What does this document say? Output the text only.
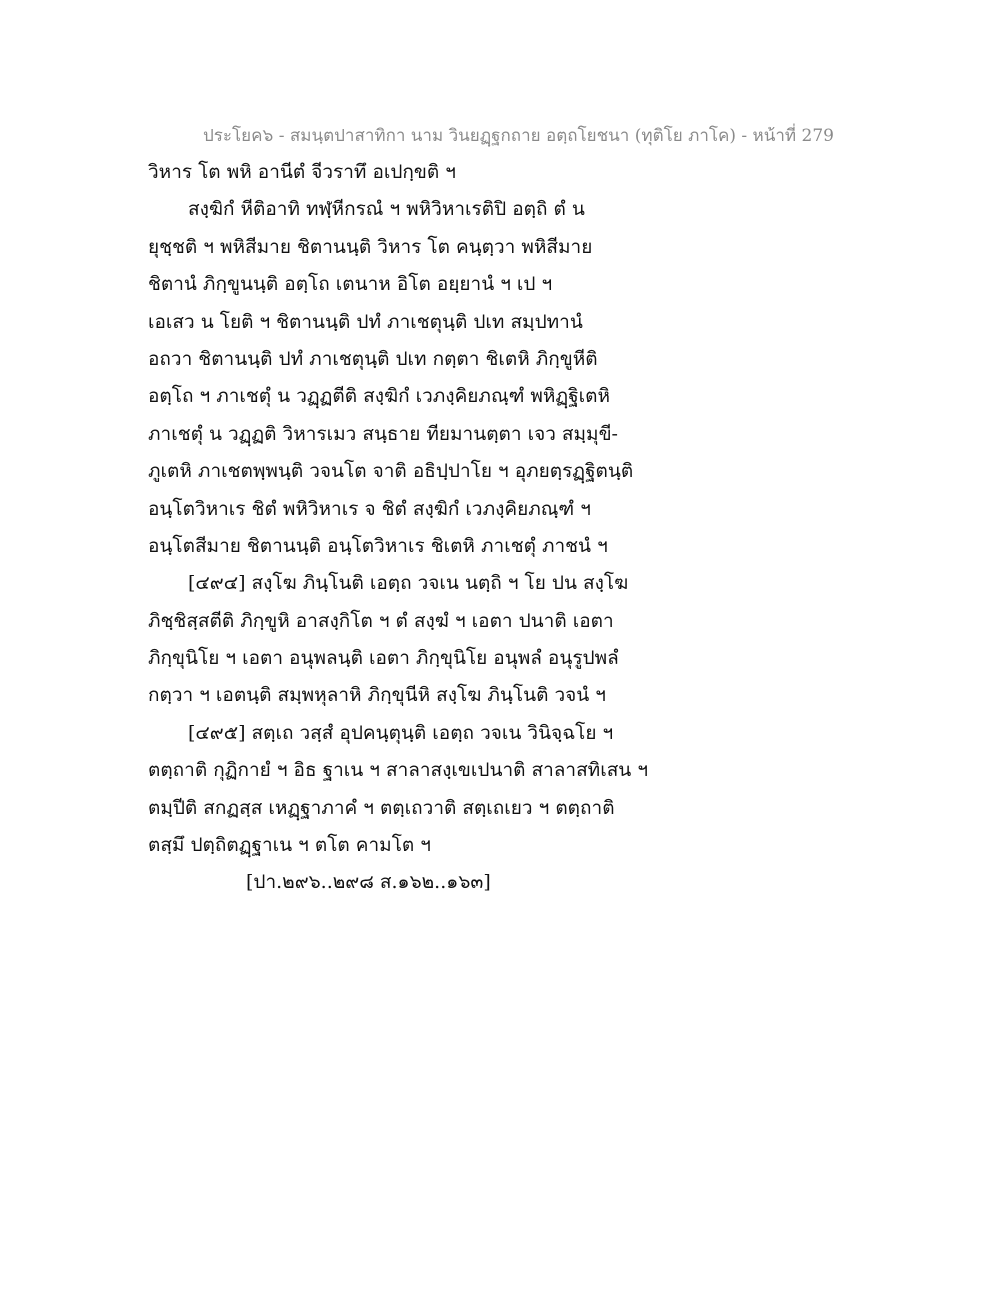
ประโยค๖ - สมนฺตปาสาทิกา นาม วินยฏฺฐกถาย อตฺถโยชนา (ทุติโย ภาโค) - หน้าที่ 279

วิหาร โต พหิ อานีตํ จีวราทึ อเปกฺขติ ฯ

สงฺฆิกํ หีติอาทิ ทฬฺหีกรณํ ฯ พหิวิหาเรติปิ อตฺถิ ตํ น

ยุชฺชติ ฯ พหิสีมาย ชิตานนฺติ วิหาร โต คนฺตฺวา พหิสีมาย

ชิตานํ ภิกฺขูนนฺติ อตฺโถ เตนาห อิโต อยฺยานํ ฯ เป ฯ

เอเสว น โยติ ฯ ชิตานนฺติ ปทํ ภาเชตุนฺติ ปเท สมฺปทานํ

อถวา ชิตานนฺติ ปทํ ภาเชตุนฺติ ปเท กตฺตา ชิเตหิ ภิกฺขูหีติ

อตฺโถ ฯ ภาเชตุํ น วฏฺฏตีติ สงฺฆิกํ เวภงฺคิยภณฺฑํ พหิฏฺฐิเตหิ

ภาเชตุํ น วฏฺฏติ วิหารเมว สนฺธาย ทียมานตฺตา เจว สมฺมุขี-

ภูเตหิ ภาเชตพฺพนฺติ วจนโต จาติ อธิปฺปาโย ฯ อุภยตฺรฏฺฐิตนฺติ

อนฺโตวิหาเร ชิตํ พหิวิหาเร จ ชิตํ สงฺฆิกํ เวภงฺคิยภณฺฑํ ฯ

อนฺโตสีมาย ชิตานนฺติ อนฺโตวิหาเร ชิเตหิ ภาเชตุํ ภาชนํ ฯ

[๔๙๔] สงฺโฆ ภินฺโนติ เอตฺถ วจเน นตฺถิ ฯ โย ปน สงฺโฆ

ภิชฺชิสฺสตีติ ภิกฺขูหิ อาสงฺกิโต ฯ ตํ สงฺฆํ ฯ เอตา ปนาติ เอตา

ภิกฺขุนิโย ฯ เอตา อนุพลนฺติ เอตา ภิกฺขุนิโย อนุพลํ อนุรูปพลํ

กตฺวา ฯ เอตนฺติ สมฺพหุลาหิ ภิกฺขุนีหิ สงฺโฆ ภินฺโนติ วจนํ ฯ

[๔๙๕] สตฺเถ วสฺสํ อุปคนฺตุนฺติ เอตฺถ วจเน วินิจฺฉโย ฯ

ตตฺถาติ กุฏิกายํ ฯ อิธ ฐาเน ฯ สาลาสงฺเขเปนาติ สาลาสทิเสน ฯ

ตมฺปีติ สกฏสฺส เหฏฺฐาภาคํ ฯ ตตฺเถวาติ สตฺเถเยว ฯ ตตฺถาติ

ตสฺมึ ปตฺถิตฏฺฐาเน ฯ ตโต คามโต ฯ

[ปา.๒๙๖..๒๙๘ ส.๑๖๒..๑๖๓]
